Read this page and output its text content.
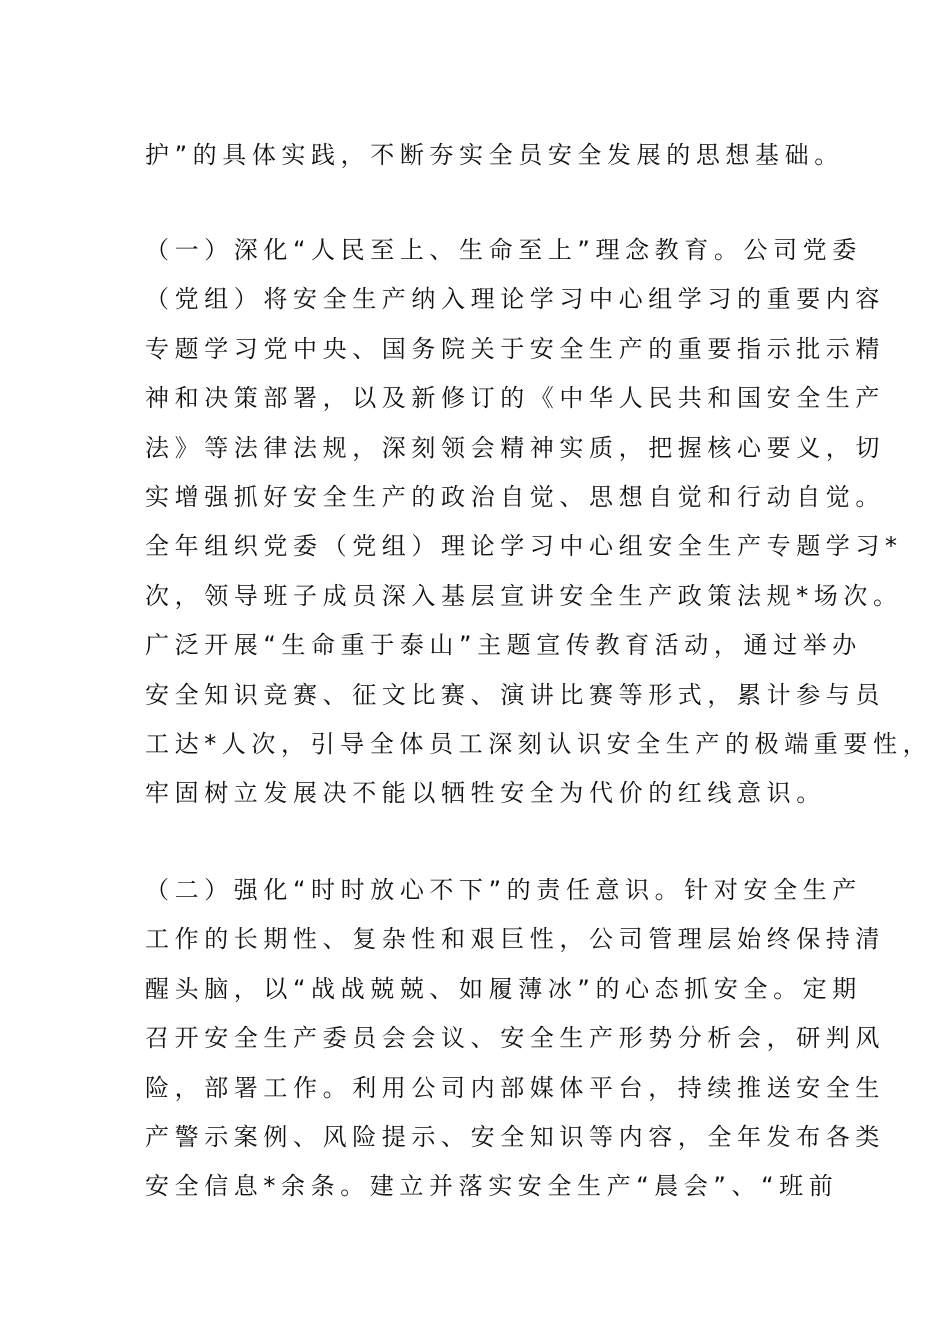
护”的具体实践，不断夯实全员安全发展的思想基础。
（一）深化“人民至上、生命至上”理念教育。公司党委
（党组）将安全生产纳入理论学习中心组学习的重要内容
专题学习党中央、国务院关于安全生产的重要指示批示精
神和决策部署，以及新修订的《中华人民共和国安全生产
法》等法律法规，深刻领会精神实质，把握核心要义，切
实增强抓好安全生产的政治自觉、思想自觉和行动自觉。
全年组织党委（党组）理论学习中心组安全生产专题学习*
次，领导班子成员深入基层宣讲安全生产政策法规*场次。
广泛开展“生命重于泰山”主题宣传教育活动，通过举办
安全知识竞赛、征文比赛、演讲比赛等形式，累计参与员
工达*人次，引导全体员工深刻认识安全生产的极端重要性，
牢固树立发展决不能以牺牲安全为代价的红线意识。
（二）强化“时时放心不下”的责任意识。针对安全生产
工作的长期性、复杂性和艰巨性，公司管理层始终保持清
醒头脑，以“战战兢兢、如履薄冰”的心态抓安全。定期
召开安全生产委员会会议、安全生产形势分析会，研判风
险，部署工作。利用公司内部媒体平台，持续推送安全生
产警示案例、风险提示、安全知识等内容，全年发布各类
安全信息*余条。建立并落实安全生产“晨会”、“班前
